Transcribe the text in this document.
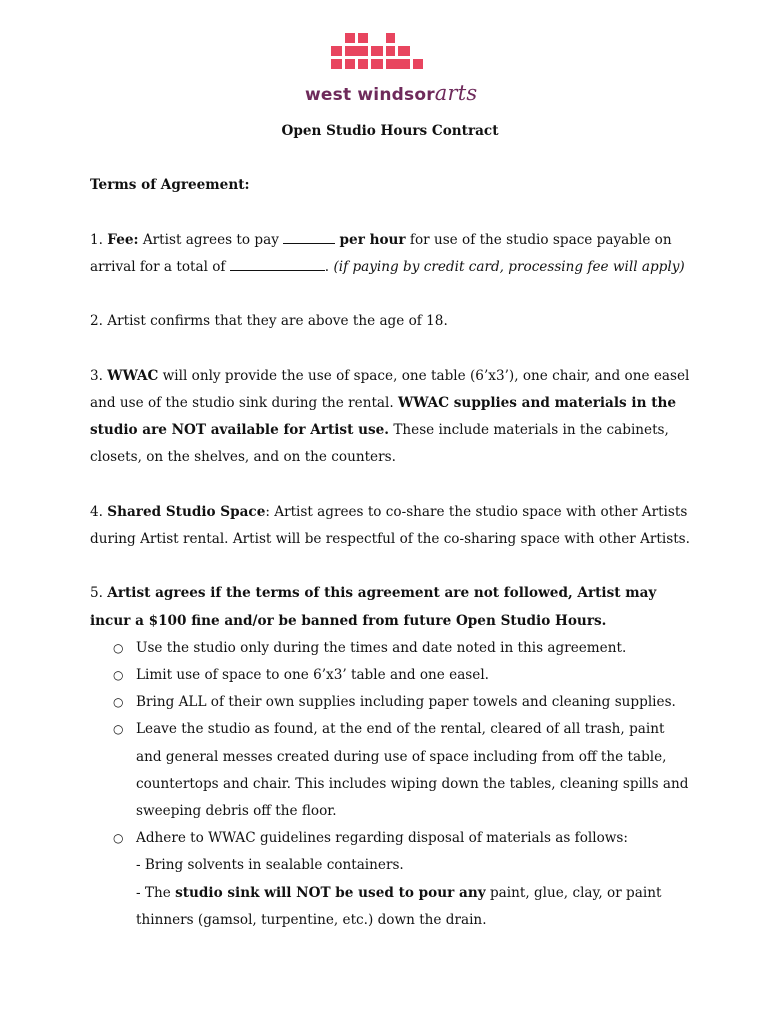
west windsorarts

Open Studio Hours Contract

Terms of Agreement:

1. Fee: Artist agrees to pay	per hour for use of the studio space payable on arrival for a total of	. (if paying by credit card, processing fee will apply)

2. Artist confirms that they are above the age of 18.

3. WWAC will only provide the use of space, one table (6’x3’), one chair, and one easel and use of the studio sink during the rental. WWAC supplies and materials in the studio are NOT available for Artist use. These include materials in the cabinets, closets, on the shelves, and on the counters.

4. Shared Studio Space: Artist agrees to co-share the studio space with other Artists during Artist rental. Artist will be respectful of the co-sharing space with other Artists.

5. Artist agrees if the terms of this agreement are not followed, Artist may incur a $100 fine and/or be banned from future Open Studio Hours.

○ Use the studio only during the times and date noted in this agreement.
○ Limit use of space to one 6’x3’ table and one easel.
○ Bring ALL of their own supplies including paper towels and cleaning supplies.
○ Leave the studio as found, at the end of the rental, cleared of all trash, paint and general messes created during use of space including from off the table, countertops and chair. This includes wiping down the tables, cleaning spills and sweeping debris off the floor.
○ Adhere to WWAC guidelines regarding disposal of materials as follows:
- Bring solvents in sealable containers.
- The studio sink will NOT be used to pour any paint, glue, clay, or paint thinners (gamsol, turpentine, etc.) down the drain.
